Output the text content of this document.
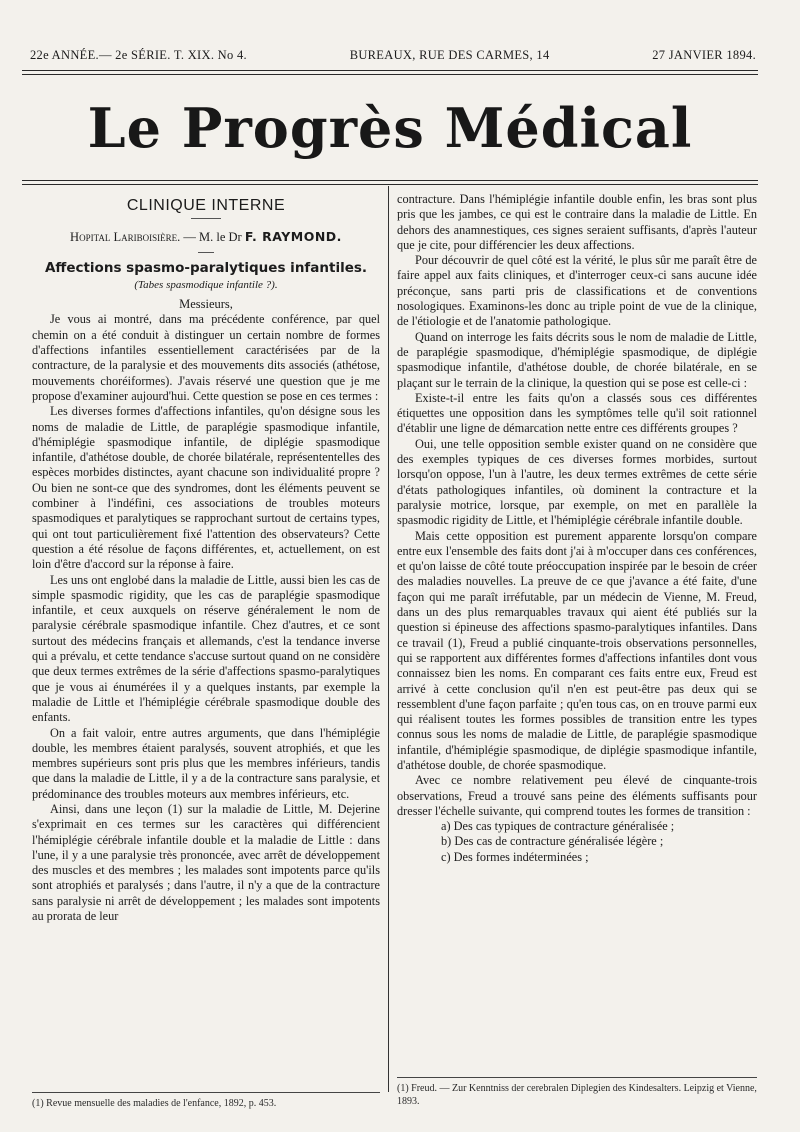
22e ANNÉE.— 2e SÉRIE. T. XIX. No 4.	BUREAUX, RUE DES CARMES, 14	27 JANVIER 1894.
Le Progrès Médical
CLINIQUE INTERNE
Hopital Lariboisière. — M. le Dr F. RAYMOND.
Affections spasmo-paralytiques infantiles.
(Tabes spasmodique infantile ?).
Messieurs,

Je vous ai montré, dans ma précédente conférence, par quel chemin on a été conduit à distinguer un certain nombre de formes d'affections infantiles essentiellement caractérisées par de la contracture, de la paralysie et des mouvements dits associés (athétose, mouvements choréiformes). J'avais réservé une question que je me propose d'examiner aujourd'hui. Cette question se pose en ces termes :

Les diverses formes d'affections infantiles, qu'on désigne sous les noms de maladie de Little, de paraplégie spasmodique infantile, d'hémiplégie spasmodique infantile, de diplégie spasmodique infantile, d'athétose double, de chorée bilatérale, représententelles des espèces morbides distinctes, ayant chacune son individualité propre ? Ou bien ne sont-ce que des syndromes, dont les éléments peuvent se combiner à l'indéfini, ces associations de troubles moteurs spasmodiques et paralytiques se rapprochant surtout de certains types, qui ont tout particulièrement fixé l'attention des observateurs? Cette question a été résolue de façons différentes, et, actuellement, on est loin d'être d'accord sur la réponse à faire.

Les uns ont englobé dans la maladie de Little, aussi bien les cas de simple spasmodic rigidity, que les cas de paraplégie spasmodique infantile, et ceux auxquels on réserve généralement le nom de paralysie cérébrale spasmodique infantile. Chez d'autres, et ce sont surtout des médecins français et allemands, c'est la tendance inverse qui a prévalu, et cette tendance s'accuse surtout quand on ne considère que deux termes extrêmes de la série d'affections spasmo-paralytiques que je vous ai énumérées il y a quelques instants, par exemple la maladie de Little et l'hémiplégie cérébrale spasmodique double des enfants.

On a fait valoir, entre autres arguments, que dans l'hémiplégie double, les membres étaient paralysés, souvent atrophiés, et que les membres supérieurs sont pris plus que les membres inférieurs, tandis que dans la maladie de Little, il y a de la contracture sans paralysie, et prédominance des troubles moteurs aux membres inférieurs, etc.

Ainsi, dans une leçon (1) sur la maladie de Little, M. Dejerine s'exprimait en ces termes sur les caractères qui différencient l'hémiplégie cérébrale infantile double et la maladie de Little : dans l'une, il y a une paralysie très prononcée, avec arrêt de développement des muscles et des membres ; les malades sont impotents parce qu'ils sont atrophiés et paralysés ; dans l'autre, il n'y a que de la contracture sans paralysie ni arrêt de développement ; les malades sont impotents au prorata de leur

(1) Revue mensuelle des maladies de l'enfance, 1892, p. 453.

contracture. Dans l'hémiplégie infantile double enfin, les bras sont plus pris que les jambes, ce qui est le contraire dans la maladie de Little. En dehors des anamnestiques, ces signes seraient suffisants, d'après l'auteur que je cite, pour différencier les deux affections.

Pour découvrir de quel côté est la vérité, le plus sûr me paraît être de faire appel aux faits cliniques, et d'interroger ceux-ci sans aucune idée préconçue, sans parti pris de classifications et de conventions nosologiques. Examinons-les donc au triple point de vue de la clinique, de l'étiologie et de l'anatomie pathologique.

Quand on interroge les faits décrits sous le nom de maladie de Little, de paraplégie spasmodique, d'hémiplégie spasmodique, de diplégie spasmodique infantile, d'athétose double, de chorée bilatérale, en se plaçant sur le terrain de la clinique, la question qui se pose est celle-ci :

Existe-t-il entre les faits qu'on a classés sous ces différentes étiquettes une opposition dans les symptômes telle qu'il soit rationnel d'établir une ligne de démarcation nette entre ces différents groupes ?

Oui, une telle opposition semble exister quand on ne considère que des exemples typiques de ces diverses formes morbides, surtout lorsqu'on oppose, l'un à l'autre, les deux termes extrêmes de cette série d'états pathologiques infantiles, où dominent la contracture et la paralysie motrice, lorsque, par exemple, on met en parallèle la spasmodic rigidity de Little, et l'hémiplégie cérébrale infantile double.

Mais cette opposition est purement apparente lorsqu'on compare entre eux l'ensemble des faits dont j'ai à m'occuper dans ces conférences, et qu'on laisse de côté toute préoccupation inspirée par le besoin de créer des maladies nouvelles. La preuve de ce que j'avance a été faite, d'une façon qui me paraît irréfutable, par un médecin de Vienne, M. Freud, dans un des plus remarquables travaux qui aient été publiés sur la question si épineuse des affections spasmo-paralytiques infantiles. Dans ce travail (1), Freud a publié cinquante-trois observations personnelles, qui se rapportent aux différentes formes d'affections infantiles dont vous connaissez bien les noms. En comparant ces faits entre eux, Freud est arrivé à cette conclusion qu'il n'en est peut-être pas deux qui se ressemblent d'une façon parfaite ; qu'en tous cas, on en trouve parmi eux qui réalisent toutes les formes possibles de transition entre les types connus sous les noms de maladie de Little, de paraplégie spasmodique infantile, d'hémiplégie spasmodique, de diplégie spasmodique infantile, d'athétose double, de chorée spasmodique.

Avec ce nombre relativement peu élevé de cinquante-trois observations, Freud a trouvé sans peine des éléments suffisants pour dresser l'échelle suivante, qui comprend toutes les formes de transition :

a) Des cas typiques de contracture généralisée ;

b) Des cas de contracture généralisée légère ;

c) Des formes indéterminées ;

(1) Freud. — Zur Kenntniss der cerebralen Diplegien des Kindesalters. Leipzig et Vienne, 1893.
